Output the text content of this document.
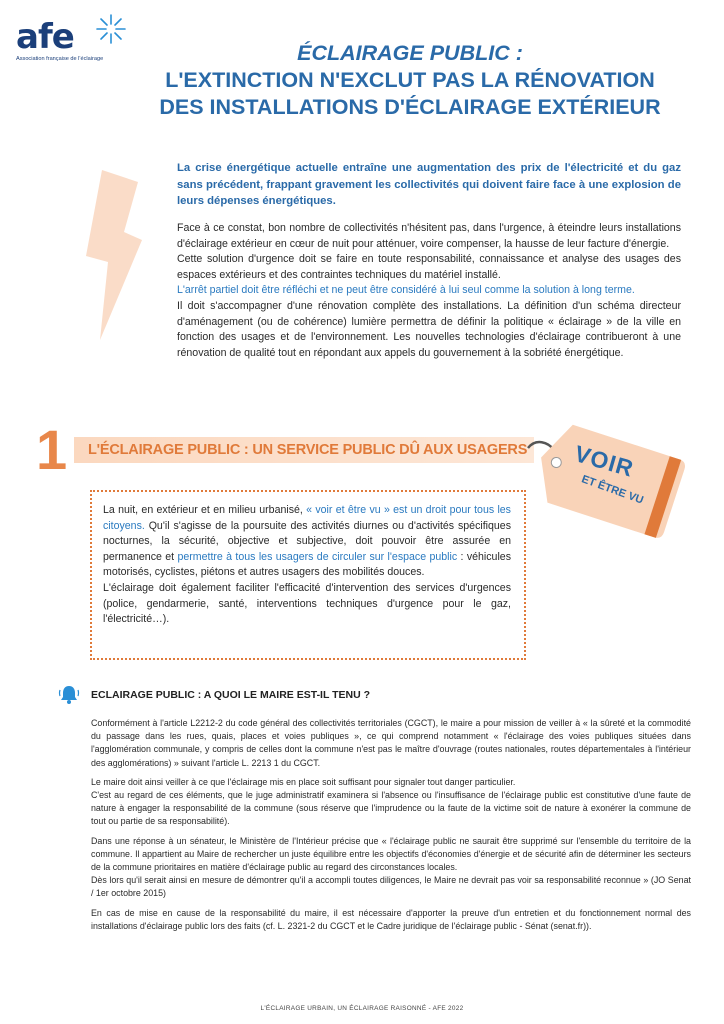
afe
Association française de l'éclairage	ÉCLAIRAGE PUBLIC :
L'EXTINCTION N'EXCLUT PAS LA RÉNOVATION
DES INSTALLATIONS D'ÉCLAIRAGE EXTÉRIEUR
La crise énergétique actuelle entraîne une augmentation des prix de l'électricité et du gaz sans précédent, frappant gravement les collectivités qui doivent faire face à une explosion de leurs dépenses énergétiques.

Face à ce constat, bon nombre de collectivités n'hésitent pas, dans l'urgence, à éteindre leurs installations d'éclairage extérieur en cœur de nuit pour atténuer, voire compenser, la hausse de leur facture d'énergie.

Cette solution d'urgence doit se faire en toute responsabilité, connaissance et analyse des usages des espaces extérieurs et des contraintes techniques du matériel installé.

L'arrêt partiel doit être réfléchi et ne peut être considéré à lui seul comme la solution à long terme.

Il doit s'accompagner d'une rénovation complète des installations. La définition d'un schéma directeur d'aménagement (ou de cohérence) lumière permettra de définir la politique « éclairage » de la ville en fonction des usages et de l'environnement. Les nouvelles technologies d'éclairage contribueront à une rénovation de qualité tout en répondant aux appels du gouvernement à la sobriété énergétique.

1 L'ÉCLAIRAGE PUBLIC : UN SERVICE PUBLIC DÛ AUX USAGERS VOIR
ET ÊTRE VU

La nuit, en extérieur et en milieu urbanisé, « voir et être vu » est un droit pour tous les citoyens. Qu'il s'agisse de la poursuite des activités diurnes ou d'activités spécifiques nocturnes, la sécurité, objective et subjective, doit pouvoir être assurée en permanence et permettre à tous les usagers de circuler sur l'espace public : véhicules motorisés, cyclistes, piétons et autres usagers des mobilités douces.

L'éclairage doit également faciliter l'efficacité d'intervention des services d'urgences (police, gendarmerie, santé, interventions techniques d'urgence pour le gaz, l'électricité…).

ECLAIRAGE PUBLIC : A QUOI LE MAIRE EST-IL TENU ?

Conformément à l'article L2212-2 du code général des collectivités territoriales (CGCT), le maire a pour mission de veiller à « la sûreté et la commodité du passage dans les rues, quais, places et voies publiques », ce qui comprend notamment « l'éclairage des voies publiques situées dans l'agglomération communale, y compris de celles dont la commune n'est pas le maître d'ouvrage (routes nationales, routes départementales à l'intérieur des agglomérations) » suivant l'article L. 2213 1 du CGCT.

Le maire doit ainsi veiller à ce que l'éclairage mis en place soit suffisant pour signaler tout danger particulier.
C'est au regard de ces éléments, que le juge administratif examinera si l'absence ou l'insuffisance de l'éclairage public est constitutive d'une faute de nature à engager la responsabilité de la commune (sous réserve que l'imprudence ou la faute de la victime soit de nature à exonérer la commune de tout ou partie de sa responsabilité).

Dans une réponse à un sénateur, le Ministère de l'Intérieur précise que « l'éclairage public ne saurait être supprimé sur l'ensemble du territoire de la commune. Il appartient au Maire de rechercher un juste équilibre entre les objectifs d'économies d'énergie et de sécurité afin de déterminer les secteurs de la commune prioritaires en matière d'éclairage public au regard des circonstances locales.
Dès lors qu'il serait ainsi en mesure de démontrer qu'il a accompli toutes diligences, le Maire ne devrait pas voir sa responsabilité reconnue » (JO Senat / 1er octobre 2015)

En cas de mise en cause de la responsabilité du maire, il est nécessaire d'apporter la preuve d'un entretien et du fonctionnement normal des installations d'éclairage public lors des faits (cf. L. 2321-2 du CGCT et le Cadre juridique de l'éclairage public - Sénat (senat.fr)).

L'ÉCLAIRAGE URBAIN, UN ÉCLAIRAGE RAISONNÉ - AFE 2022
